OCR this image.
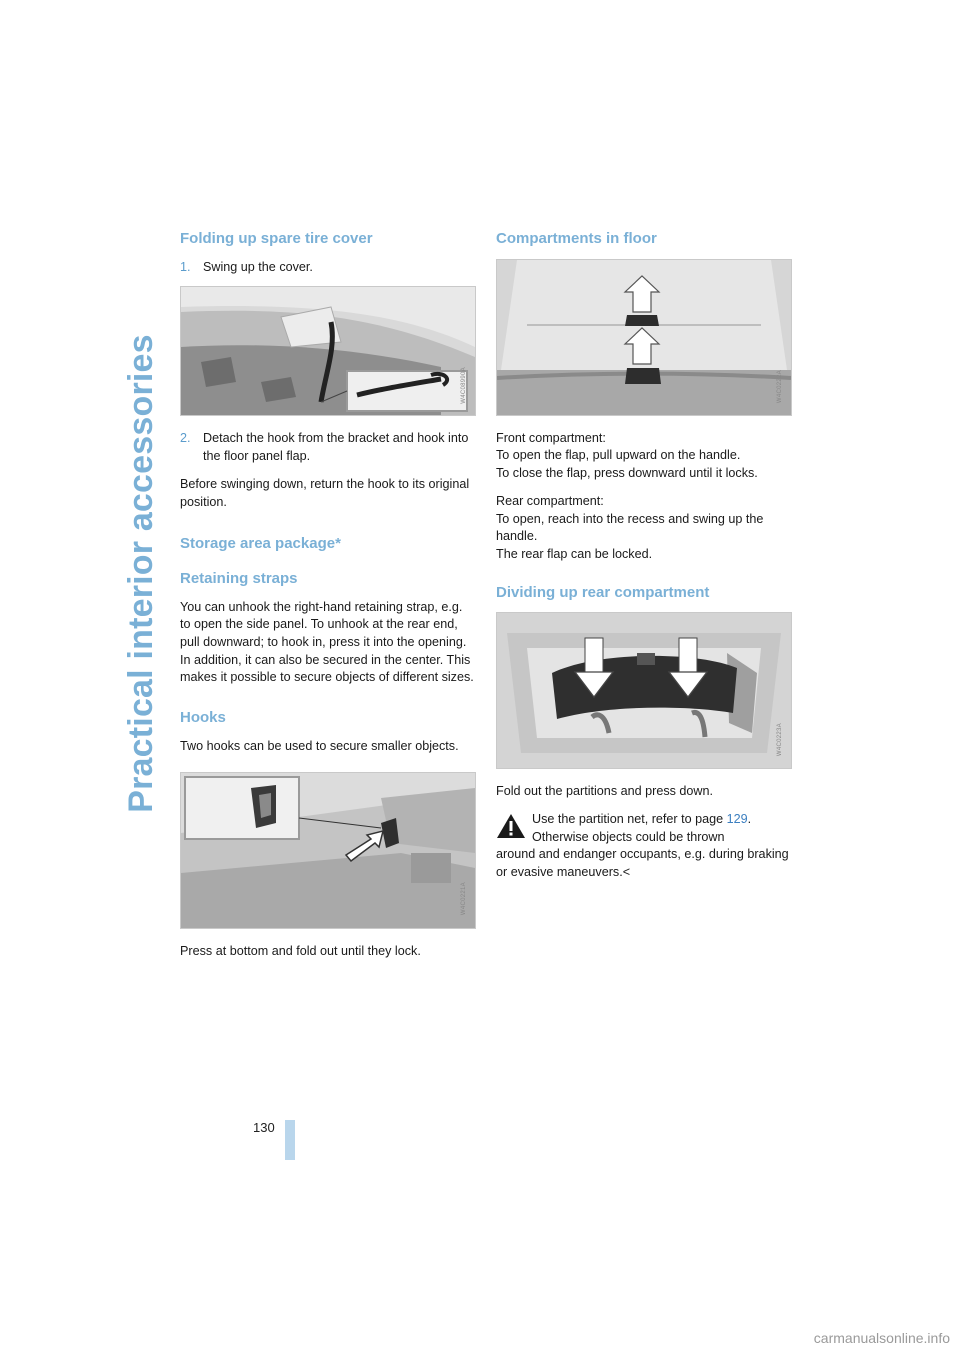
Practical interior accessories
Folding up spare tire cover
1. Swing up the cover.
W4C08990A
2. Detach the hook from the bracket and hook into the floor panel flap.

Before swinging down, return the hook to its original position.

Storage area package*
Retaining straps

You can unhook the right-hand retaining strap, e.g. to open the side panel. To unhook at the rear end, pull downward; to hook in, press it into the opening. In addition, it can also be secured in the center. This makes it possible to secure objects of different sizes.

Hooks

Two hooks can be used to secure smaller objects.

W4C0221A

Press at bottom and fold out until they lock.

Compartments in floor
W4C0222A

Front compartment:
To open the flap, pull upward on the handle.
To close the flap, press downward until it locks.

Rear compartment:
To open, reach into the recess and swing up the handle.
The rear flap can be locked.

Dividing up rear compartment
W4C0223A

Fold out the partitions and press down.

Use the partition net, refer to page 129.
Otherwise objects could be thrown

around and endanger occupants, e.g. during braking or evasive maneuvers.<

130
carmanualsonline.info
